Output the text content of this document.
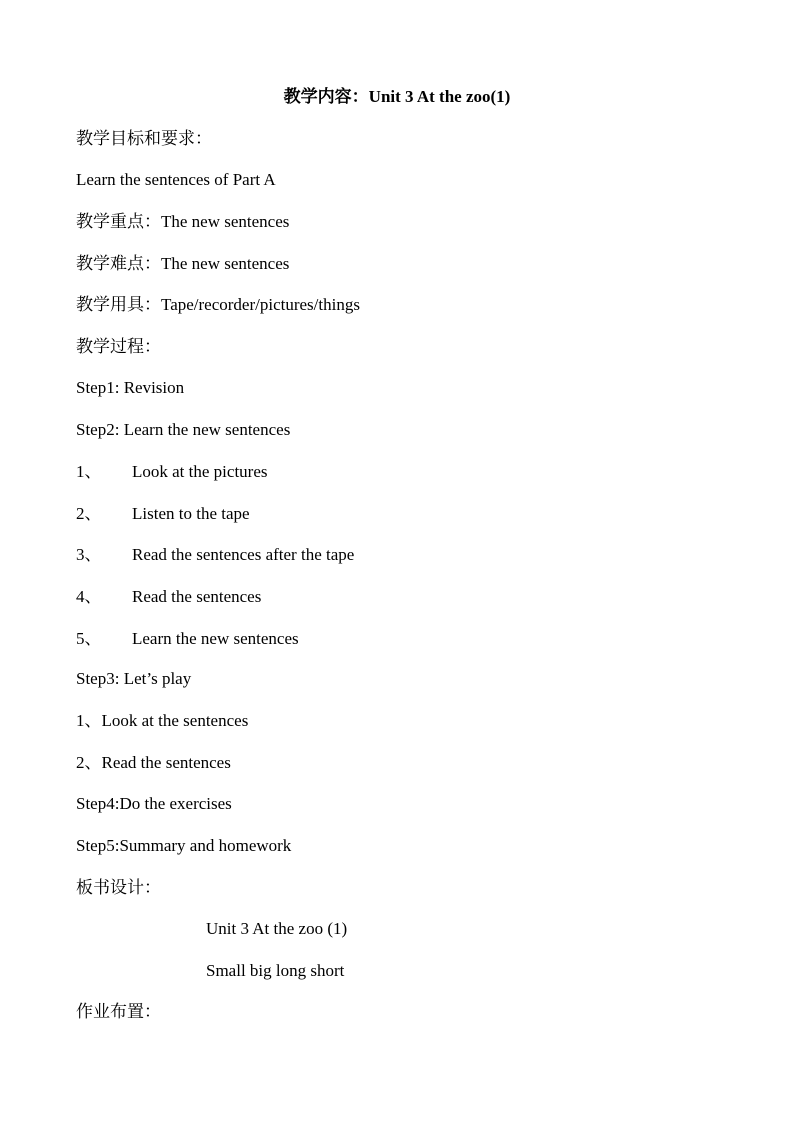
教学内容：Unit 3 At the zoo(1)
教学目标和要求：
Learn the sentences of Part A
教学重点：The new sentences
教学难点：The new sentences
教学用具：Tape/recorder/pictures/things
教学过程：
Step1: Revision
Step2: Learn the new sentences
1、 Look at the pictures
2、 Listen to the tape
3、 Read the sentences after the tape
4、 Read the sentences
5、 Learn the new sentences
Step3: Let’s play
1、Look at the sentences
2、Read the sentences
Step4:Do the exercises
Step5:Summary and homework
板书设计：
Unit 3 At the zoo (1)
Small big long short
作业布置：
